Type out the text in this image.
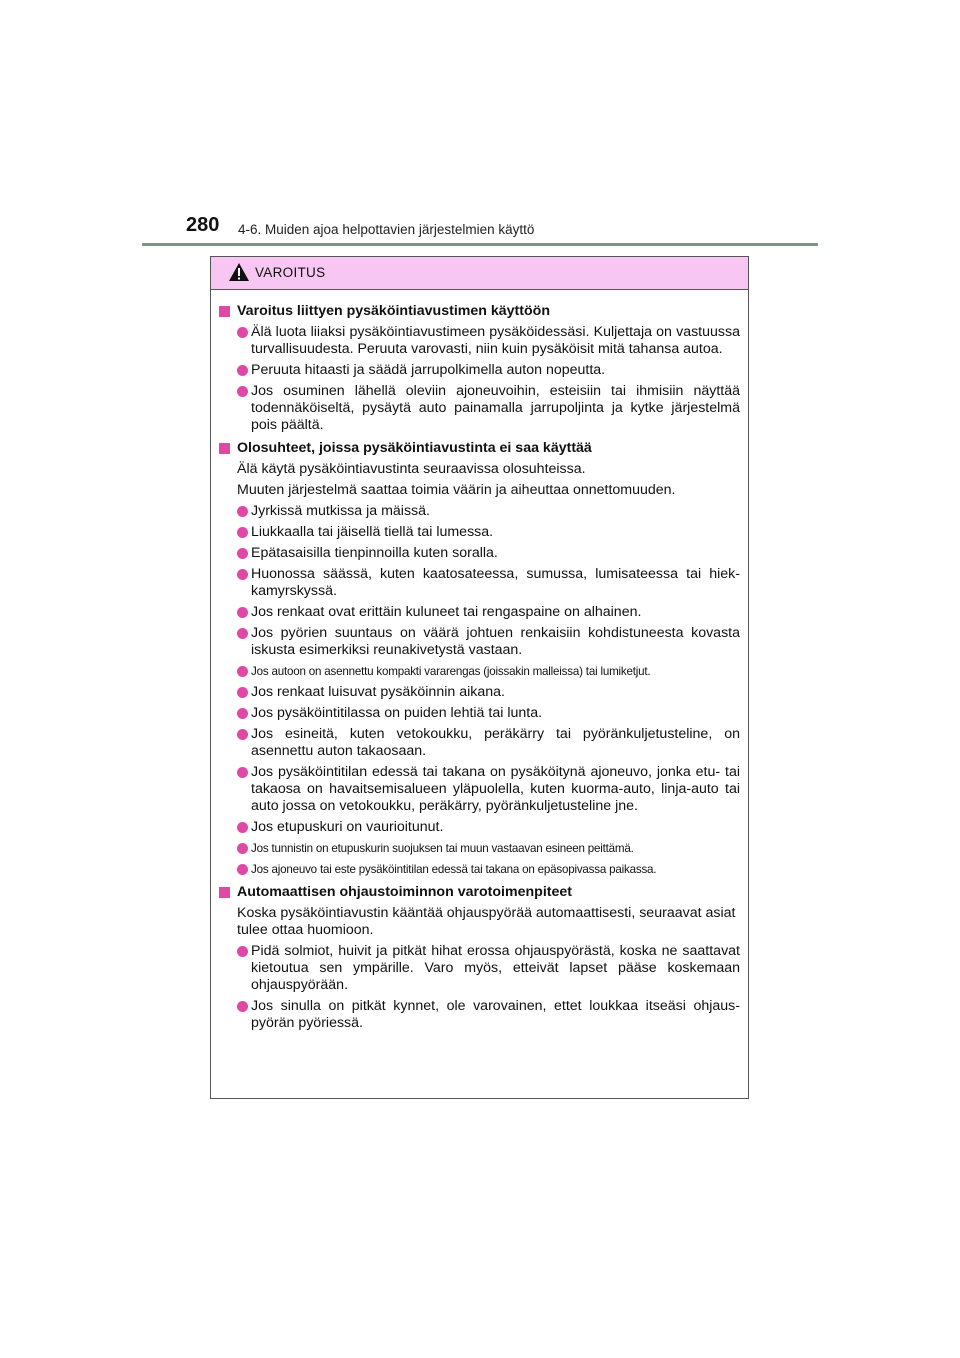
280 4-6. Muiden ajoa helpottavien järjestelmien käyttö
VAROITUS
Varoitus liittyen pysäköintiavustimen käyttöön
Älä luota liiaksi pysäköintiavustimeen pysäköidessäsi. Kuljettaja on vastuussa turvallisuudesta. Peruuta varovasti, niin kuin pysäköisit mitä tahansa autoa.
Peruuta hitaasti ja säädä jarrupolkimella auton nopeutta.
Jos osuminen lähellä oleviin ajoneuvoihin, esteisiin tai ihmisiin näyttää todennäköiseltä, pysäytä auto painamalla jarrupoljinta ja kytke järjestelmä pois päältä.
Olosuhteet, joissa pysäköintiavustinta ei saa käyttää
Älä käytä pysäköintiavustinta seuraavissa olosuhteissa.
Muuten järjestelmä saattaa toimia väärin ja aiheuttaa onnettomuuden.
Jyrkissä mutkissa ja mäissä.
Liukkaalla tai jäisellä tiellä tai lumessa.
Epätasaisilla tienpinnoilla kuten soralla.
Huonossa säässä, kuten kaatosateessa, sumussa, lumisateessa tai hiekkamyrskyssä.
Jos renkaat ovat erittäin kuluneet tai rengaspaine on alhainen.
Jos pyörien suuntaus on väärä johtuen renkaisiin kohdistuneesta kovasta iskusta esimerkiksi reunakivetystä vastaan.
Jos autoon on asennettu kompakti vararengas (joissakin malleissa) tai lumiketjut.
Jos renkaat luisuvat pysäköinnin aikana.
Jos pysäköintitilassa on puiden lehtiä tai lunta.
Jos esineitä, kuten vetokoukku, peräkärry tai pyöränkuljetusteline, on asennettu auton takaosaan.
Jos pysäköintitilan edessä tai takana on pysäköitynä ajoneuvo, jonka etu- tai takaosa on havaitsemisalueen yläpuolella, kuten kuorma-auto, linja-auto tai auto jossa on vetokoukku, peräkärry, pyöränkuljetusteline jne.
Jos etupuskuri on vaurioitunut.
Jos tunnistin on etupuskurin suojuksen tai muun vastaavan esineen peittämä.
Jos ajoneuvo tai este pysäköintitilan edessä tai takana on epäsopivassa paikassa.
Automaattisen ohjaustoiminnon varotoimenpiteet
Koska pysäköintiavustin kääntää ohjauspyörää automaattisesti, seuraavat asiat tulee ottaa huomioon.
Pidä solmiot, huivit ja pitkät hihat erossa ohjauspyörästä, koska ne saattavat kietoutua sen ympärille. Varo myös, etteivät lapset pääse koskemaan ohjauspyörään.
Jos sinulla on pitkät kynnet, ole varovainen, ettet loukkaa itseäsi ohjauspyörän pyöriessä.
